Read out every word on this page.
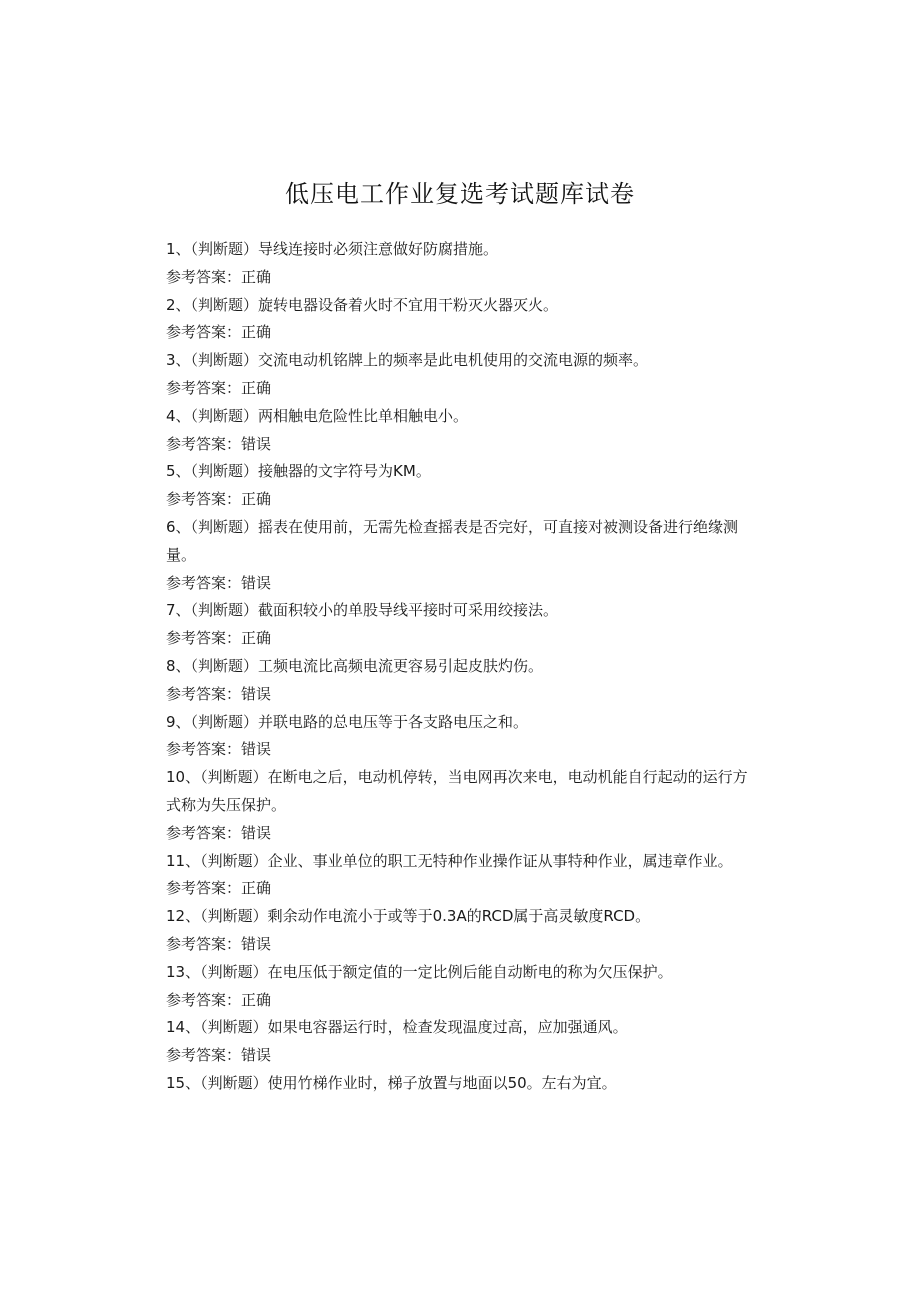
低压电工作业复选考试题库试卷
1、（判断题）导线连接时必须注意做好防腐措施。
参考答案：正确
2、（判断题）旋转电器设备着火时不宜用干粉灭火器灭火。
参考答案：正确
3、（判断题）交流电动机铭牌上的频率是此电机使用的交流电源的频率。
参考答案：正确
4、（判断题）两相触电危险性比单相触电小。
参考答案：错误
5、（判断题）接触器的文字符号为KM。
参考答案：正确
6、（判断题）摇表在使用前，无需先检查摇表是否完好，可直接对被测设备进行绝缘测量。
参考答案：错误
7、（判断题）截面积较小的单股导线平接时可采用绞接法。
参考答案：正确
8、（判断题）工频电流比高频电流更容易引起皮肤灼伤。
参考答案：错误
9、（判断题）并联电路的总电压等于各支路电压之和。
参考答案：错误
10、（判断题）在断电之后，电动机停转，当电网再次来电，电动机能自行起动的运行方式称为失压保护。
参考答案：错误
11、（判断题）企业、事业单位的职工无特种作业操作证从事特种作业，属违章作业。
参考答案：正确
12、（判断题）剩余动作电流小于或等于0.3A的RCD属于高灵敏度RCD。
参考答案：错误
13、（判断题）在电压低于额定值的一定比例后能自动断电的称为欠压保护。
参考答案：正确
14、（判断题）如果电容器运行时，检查发现温度过高，应加强通风。
参考答案：错误
15、（判断题）使用竹梯作业时，梯子放置与地面以50。左右为宜。
